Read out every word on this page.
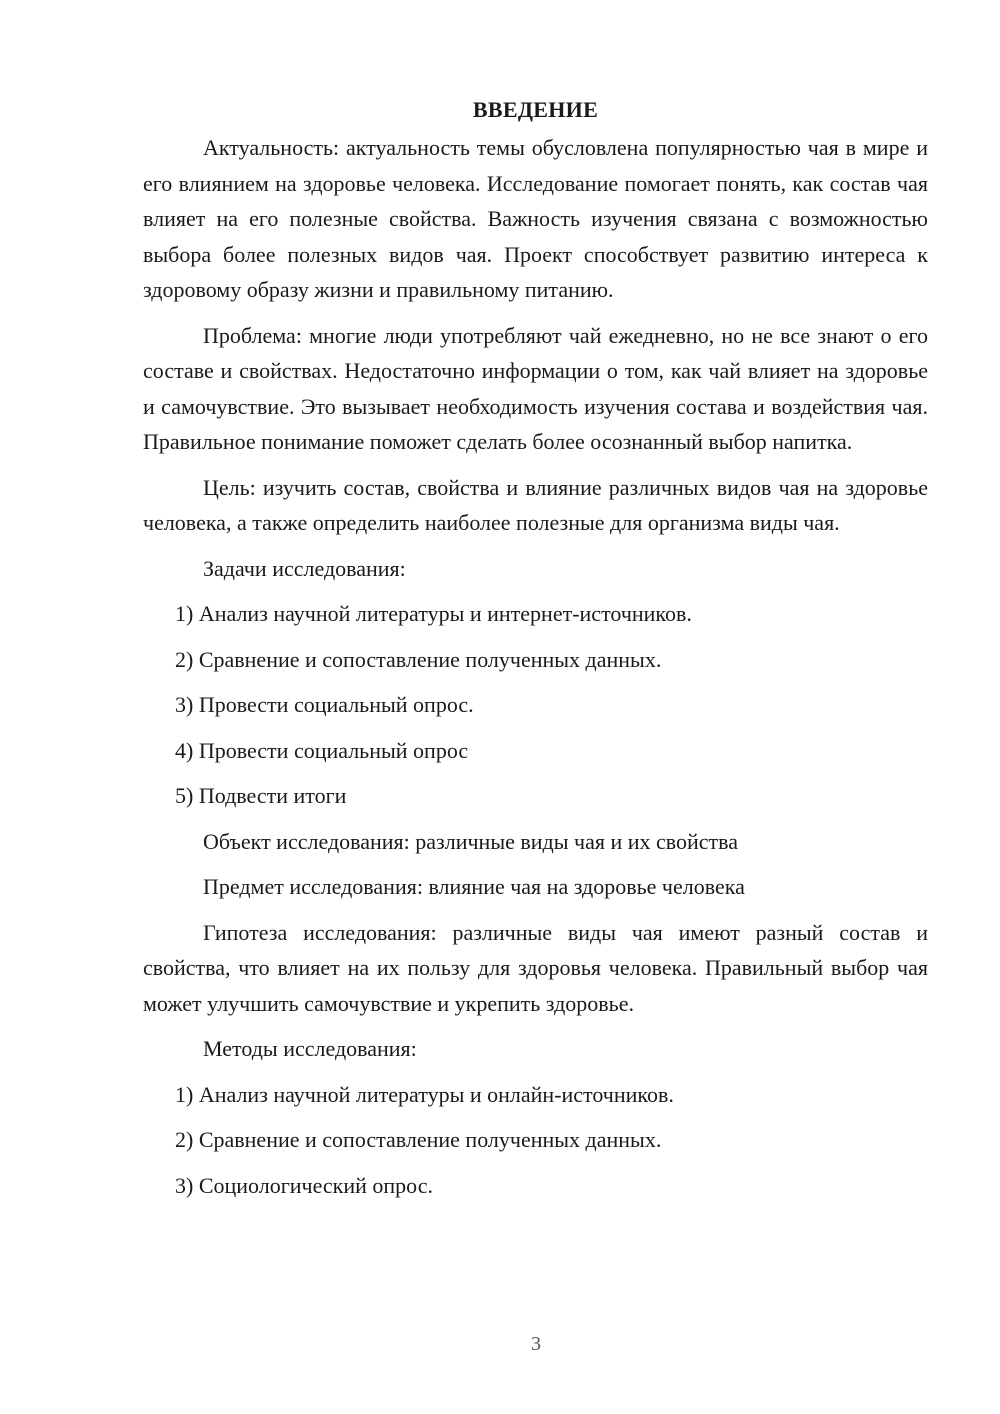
ВВЕДЕНИЕ

Актуальность: актуальность темы обусловлена популярностью чая в мире и его влиянием на здоровье человека. Исследование помогает понять, как состав чая влияет на его полезные свойства. Важность изучения связана с возможностью выбора более полезных видов чая. Проект способствует развитию интереса к здоровому образу жизни и правильному питанию.

Проблема: многие люди употребляют чай ежедневно, но не все знают о его составе и свойствах. Недостаточно информации о том, как чай влияет на здоровье и самочувствие. Это вызывает необходимость изучения состава и воздействия чая. Правильное понимание поможет сделать более осознанный выбор напитка.

Цель: изучить состав, свойства и влияние различных видов чая на здоровье человека, а также определить наиболее полезные для организма виды чая.

Задачи исследования:

1) Анализ научной литературы и интернет-источников.

2) Сравнение и сопоставление полученных данных.

3) Провести социальный опрос.

4) Провести социальный опрос

5) Подвести итоги

Объект исследования: различные виды чая и их свойства

Предмет исследования: влияние чая на здоровье человека

Гипотеза исследования: различные виды чая имеют разный состав и свойства, что влияет на их пользу для здоровья человека. Правильный выбор чая может улучшить самочувствие и укрепить здоровье.

Методы исследования:

1) Анализ научной литературы и онлайн-источников.

2) Сравнение и сопоставление полученных данных.

3) Социологический опрос.

3
